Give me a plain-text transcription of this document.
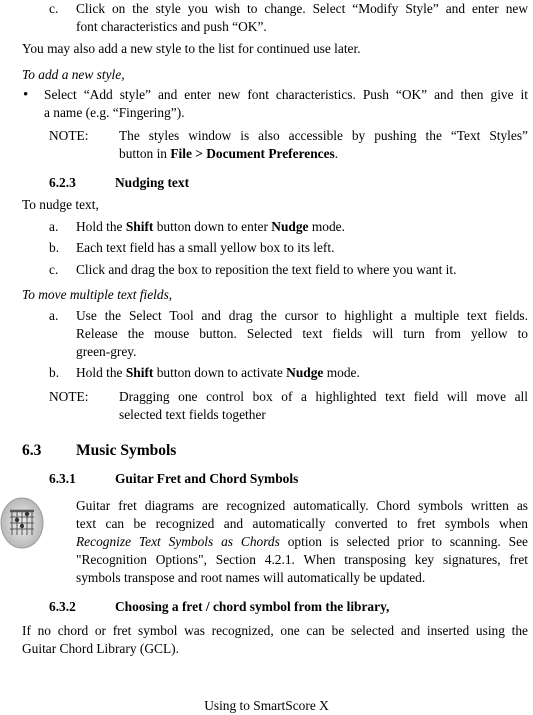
c. Click on the style you wish to change. Select “Modify Style” and enter new
font characteristics and push “OK”.
You may also add a new style to the list for continued use later.
To add a new style,
• Select “Add style” and enter new font characteristics. Push “OK” and then give it
a name (e.g. “Fingering”).
NOTE: The styles window is also accessible by pushing the “Text Styles”
button in File > Document Preferences.
6.2.3	Nudging text
To nudge text,
a. Hold the Shift button down to enter Nudge mode.
b. Each text field has a small yellow box to its left.
c. Click and drag the box to reposition the text field to where you want it.
To move multiple text fields,
a. Use the Select Tool and drag the cursor to highlight a multiple text fields.
Release the mouse button. Selected text fields will turn from yellow to
green-grey.
b. Hold the Shift button down to activate Nudge mode.
NOTE: Dragging one control box of a highlighted text field will move all
selected text fields together
6.3 Music Symbols
6.3.1	Guitar Fret and Chord Symbols
Guitar fret diagrams are recognized automatically. Chord symbols written as
text can be recognized and automatically converted to fret symbols when
Recognize Text Symbols as Chords option is selected prior to scanning. See
"Recognition Options", Section 4.2.1. When transposing key signatures, fret
symbols transpose and root names will automatically be updated.
6.3.2	Choosing a fret / chord symbol from the library,
If no chord or fret symbol was recognized, one can be selected and inserted using the
Guitar Chord Library (GCL).
Using to SmartScore X
